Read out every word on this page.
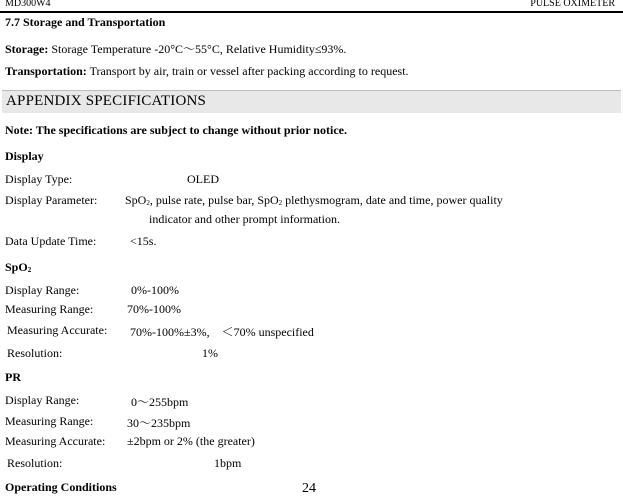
MD300W4	PULSE OXIMETER
7.7 Storage and Transportation
Storage: Storage Temperature -20°C～55°C, Relative Humidity≤93%.
Transportation: Transport by air, train or vessel after packing according to request.
APPENDIX SPECIFICATIONS
Note: The specifications are subject to change without prior notice.
Display
Display Type:	OLED
Display Parameter: SpO$_2$, pulse rate, pulse bar, SpO$_2$ plethysmogram, date and time, power quality
indicator and other prompt information.
Data Update Time:	<15s.
SpO$_2$
Display Range:	0%-100%
Measuring Range:	70%-100%
Measuring Accurate: 70%-100%±3%,　＜70% unspecified
Resolution:	1%
PR
Display Range:	0～255bpm
Measuring Range:	30～235bpm
Measuring Accurate: ±2bpm or 2% (the greater)
Resolution:	1bpm
Operating Conditions	24
